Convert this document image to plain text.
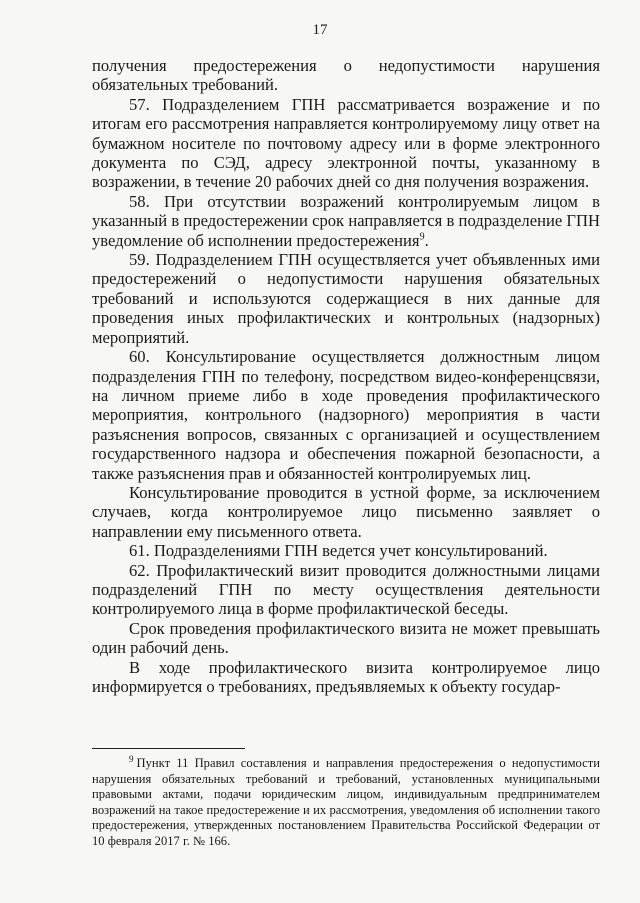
17

получения предостережения о недопустимости нарушения обязательных требований.

57. Подразделением ГПН рассматривается возражение и по итогам его рассмотрения направляется контролируемому лицу ответ на бумажном носителе по почтовому адресу или в форме электронного документа по СЭД, адресу электронной почты, указанному в возражении, в течение 20 рабочих дней со дня получения возражения.

58. При отсутствии возражений контролируемым лицом в указанный в предостережении срок направляется в подразделение ГПН уведомление об исполнении предостережения$^9$.

59. Подразделением ГПН осуществляется учет объявленных ими предостережений о недопустимости нарушения обязательных требований и используются содержащиеся в них данные для проведения иных профилактических и контрольных (надзорных) мероприятий.

60. Консультирование осуществляется должностным лицом подразделения ГПН по телефону, посредством видео-конференцсвязи, на личном приеме либо в ходе проведения профилактического мероприятия, контрольного (надзорного) мероприятия в части разъяснения вопросов, связанных с организацией и осуществлением государственного надзора и обеспечения пожарной безопасности, а также разъяснения прав и обязанностей контролируемых лиц.

Консультирование проводится в устной форме, за исключением случаев, когда контролируемое лицо письменно заявляет о направлении ему письменного ответа.

61. Подразделениями ГПН ведется учет консультирований.

62. Профилактический визит проводится должностными лицами подразделений ГПН по месту осуществления деятельности контролируемого лица в форме профилактической беседы.

Срок проведения профилактического визита не может превышать один рабочий день.

В ходе профилактического визита контролируемое лицо информируется о требованиях, предъявляемых к объекту государ-

$^9$ Пункт 11 Правил составления и направления предостережения о недопустимости нарушения обязательных требований и требований, установленных муниципальными правовыми актами, подачи юридическим лицом, индивидуальным предпринимателем возражений на такое предостережение и их рассмотрения, уведомления об исполнении такого предостережения, утвержденных постановлением Правительства Российской Федерации от 10 февраля 2017 г. № 166.
